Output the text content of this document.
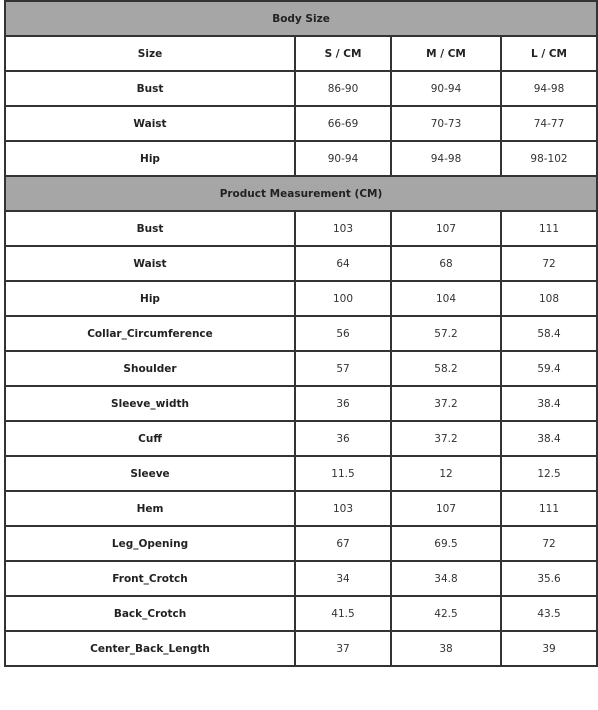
Body Size			
Size	S / CM	M / CM	L / CM
Bust	86-90	90-94	94-98
Waist	66-69	70-73	74-77
Hip	90-94	94-98	98-102
Product Measurement (CM)			
Bust	103	107	111
Waist	64	68	72
Hip	100	104	108
Collar_Circumference	56	57.2	58.4
Shoulder	57	58.2	59.4
Sleeve_width	36	37.2	38.4
Cuff	36	37.2	38.4
Sleeve	11.5	12	12.5
Hem	103	107	111
Leg_Opening	67	69.5	72
Front_Crotch	34	34.8	35.6
Back_Crotch	41.5	42.5	43.5
Center_Back_Length	37	38	39
